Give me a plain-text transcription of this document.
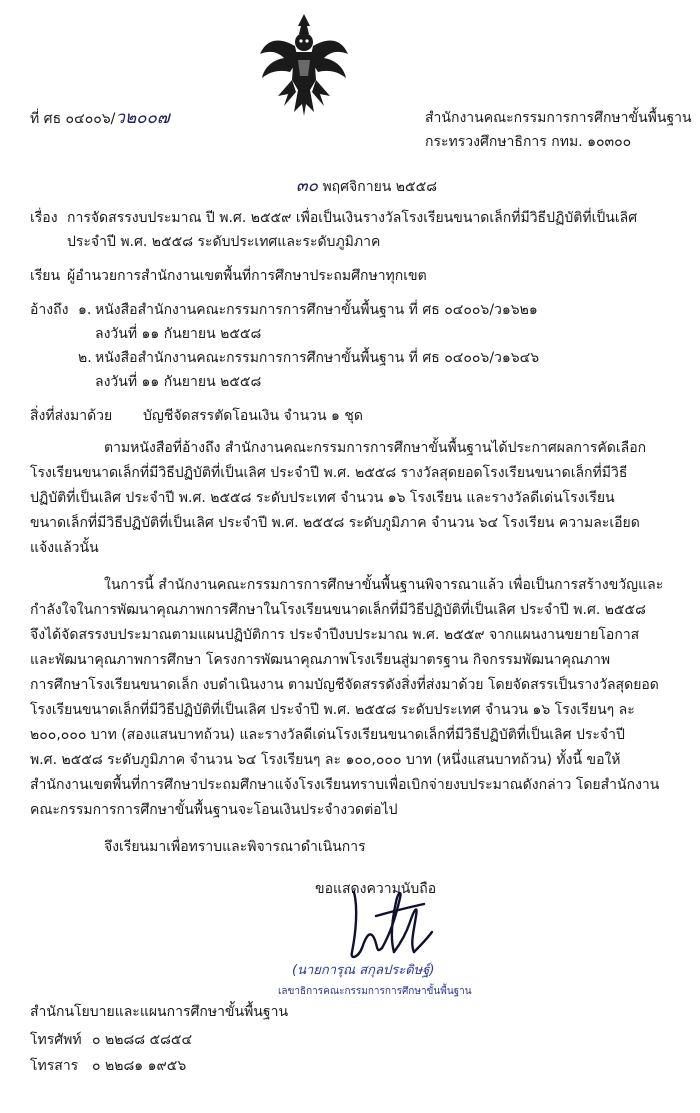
ที่ ศธ ๐๔๐๐๖/ว๒๐๐๗	สำนักงานคณะกรรมการการศึกษาขั้นพื้นฐาน
กระทรวงศึกษาธิการ กทม. ๑๐๓๐๐
๓๐ พฤศจิกายน ๒๕๕๘
เรื่อง การจัดสรรงบประมาณ ปี พ.ศ. ๒๕๕๙ เพื่อเป็นเงินรางวัลโรงเรียนขนาดเล็กที่มีวิธีปฏิบัติที่เป็นเลิศ
ประจำปี พ.ศ. ๒๕๕๘ ระดับประเทศและระดับภูมิภาค
เรียน ผู้อำนวยการสำนักงานเขตพื้นที่การศึกษาประถมศึกษาทุกเขต
อ้างถึง ๑. หนังสือสำนักงานคณะกรรมการการศึกษาขั้นพื้นฐาน ที่ ศธ ๐๔๐๐๖/ว๑๖๒๑
ลงวันที่ ๑๑ กันยายน ๒๕๕๘
๒. หนังสือสำนักงานคณะกรรมการการศึกษาขั้นพื้นฐาน ที่ ศธ ๐๔๐๐๖/ว๑๖๔๖
ลงวันที่ ๑๑ กันยายน ๒๕๕๘
สิ่งที่ส่งมาด้วย บัญชีจัดสรรตัดโอนเงิน จำนวน ๑ ชุด
ตามหนังสือที่อ้างถึง สำนักงานคณะกรรมการการศึกษาขั้นพื้นฐานได้ประกาศผลการคัดเลือก
โรงเรียนขนาดเล็กที่มีวิธีปฏิบัติที่เป็นเลิศ ประจำปี พ.ศ. ๒๕๕๘ รางวัลสุดยอดโรงเรียนขนาดเล็กที่มีวิธี
ปฏิบัติที่เป็นเลิศ ประจำปี พ.ศ. ๒๕๕๘ ระดับประเทศ จำนวน ๑๖ โรงเรียน และรางวัลดีเด่นโรงเรียน
ขนาดเล็กที่มีวิธีปฏิบัติที่เป็นเลิศ ประจำปี พ.ศ. ๒๕๕๘ ระดับภูมิภาค จำนวน ๖๔ โรงเรียน ความละเอียด
แจ้งแล้วนั้น
ในการนี้ สำนักงานคณะกรรมการการศึกษาขั้นพื้นฐานพิจารณาแล้ว เพื่อเป็นการสร้างขวัญและ
กำลังใจในการพัฒนาคุณภาพการศึกษาในโรงเรียนขนาดเล็กที่มีวิธีปฏิบัติที่เป็นเลิศ ประจำปี พ.ศ. ๒๕๕๘
จึงได้จัดสรรงบประมาณตามแผนปฏิบัติการ ประจำปีงบประมาณ พ.ศ. ๒๕๕๙ จากแผนงานขยายโอกาส
และพัฒนาคุณภาพการศึกษา โครงการพัฒนาคุณภาพโรงเรียนสู่มาตรฐาน กิจกรรมพัฒนาคุณภาพ
การศึกษาโรงเรียนขนาดเล็ก งบดำเนินงาน ตามบัญชีจัดสรรดังสิ่งที่ส่งมาด้วย โดยจัดสรรเป็นรางวัลสุดยอด
โรงเรียนขนาดเล็กที่มีวิธีปฏิบัติที่เป็นเลิศ ประจำปี พ.ศ. ๒๕๕๘ ระดับประเทศ จำนวน ๑๖ โรงเรียนๆ ละ
๒๐๐,๐๐๐ บาท (สองแสนบาทถ้วน) และรางวัลดีเด่นโรงเรียนขนาดเล็กที่มีวิธีปฏิบัติที่เป็นเลิศ ประจำปี
พ.ศ. ๒๕๕๘ ระดับภูมิภาค จำนวน ๖๔ โรงเรียนๆ ละ ๑๐๐,๐๐๐ บาท (หนึ่งแสนบาทถ้วน) ทั้งนี้ ขอให้
สำนักงานเขตพื้นที่การศึกษาประถมศึกษาแจ้งโรงเรียนทราบเพื่อเบิกจ่ายงบประมาณดังกล่าว โดยสำนักงาน
คณะกรรมการการศึกษาขั้นพื้นฐานจะโอนเงินประจำงวดต่อไป
จึงเรียนมาเพื่อทราบและพิจารณาดำเนินการ
ขอแสดงความนับถือ
(นายการุณ สกุลประดิษฐ์)
เลขาธิการคณะกรรมการการศึกษาขั้นพื้นฐาน
สำนักนโยบายและแผนการศึกษาขั้นพื้นฐาน
โทรศัพท์ ๐ ๒๒๘๘ ๕๘๕๔
โทรสาร ๐ ๒๒๘๑ ๑๙๕๖
